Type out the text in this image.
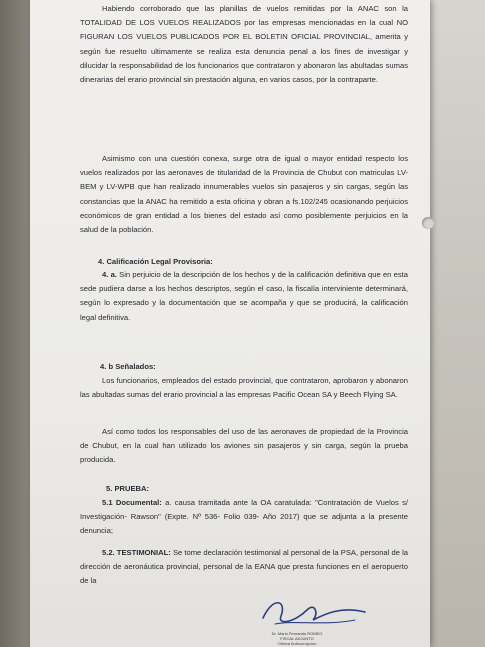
Habiendo corroborado que las planillas de vuelos remitidas por la ANAC son la TOTALIDAD DE LOS VUELOS REALIZADOS por las empresas mencionadas en la cual NO FIGURAN LOS VUELOS PUBLICADOS POR EL BOLETIN OFICIAL PROVINCIAL, amerita y según fue resuelto ultimamente se realiza esta denuncia penal a los fines de investigar y dilucidar la responsabilidad de los funcionarios que contrataron y abonaron las abultadas sumas dinerarias del erario provincial sin prestación alguna, en varios casos, por la contraparte.

Asimismo con una cuestión conexa, surge otra de igual o mayor entidad respecto los vuelos realizados por las aeronaves de titularidad de la Provincia de Chubut con matriculas LV- BEM y LV-WPB que han realizado innumerables vuelos sin pasajeros y sin cargas, según las constancias que la ANAC ha remitido a esta oficina y obran a fs.102/245 ocasionando perjuicios económicos de gran entidad a los bienes del estado así como posiblemente perjuicios en la salud de la población.

4. Calificación Legal Provisoria:

4. a. Sin perjuicio de la descripción de los hechos y de la calificación definitiva que en esta sede pudiera darse a los hechos descriptos, según el caso, la fiscalía interviniente determinará, según lo expresado y la documentación que se acompaña y que se producirá, la calificación legal definitiva.

4. b Señalados:

Los funcionarios, empleados del estado provincial, que contrataron, aprobaron y abonaron las abultadas sumas del erario provincial a las empresas Pacific Ocean SA y Beech Flying SA.

Así como todos los responsables del uso de las aeronaves de propiedad de la Provincia de Chubut, en la cual han utilizado los aviones sin pasajeros y sin carga, según la prueba producida.

5. PRUEBA:

5.1 Documental: a. causa tramitada ante la OA caratulada: "Contratación de Vuelos s/ Investigación- Rawson" (Expte. Nº 536- Folio 039- Año 2017) que se adjunta a la presente denuncia;

5.2. TESTIMONIAL: Se tome declaración testimonial al personal de la PSA, personal de la dirección de aeronáutica provincial, personal de la EANA que presta funciones en el aeropuerto de la

Dr. Mario Fernando ROMEO
FISCAL ADJUNTO
Oficina Anticorrupción
